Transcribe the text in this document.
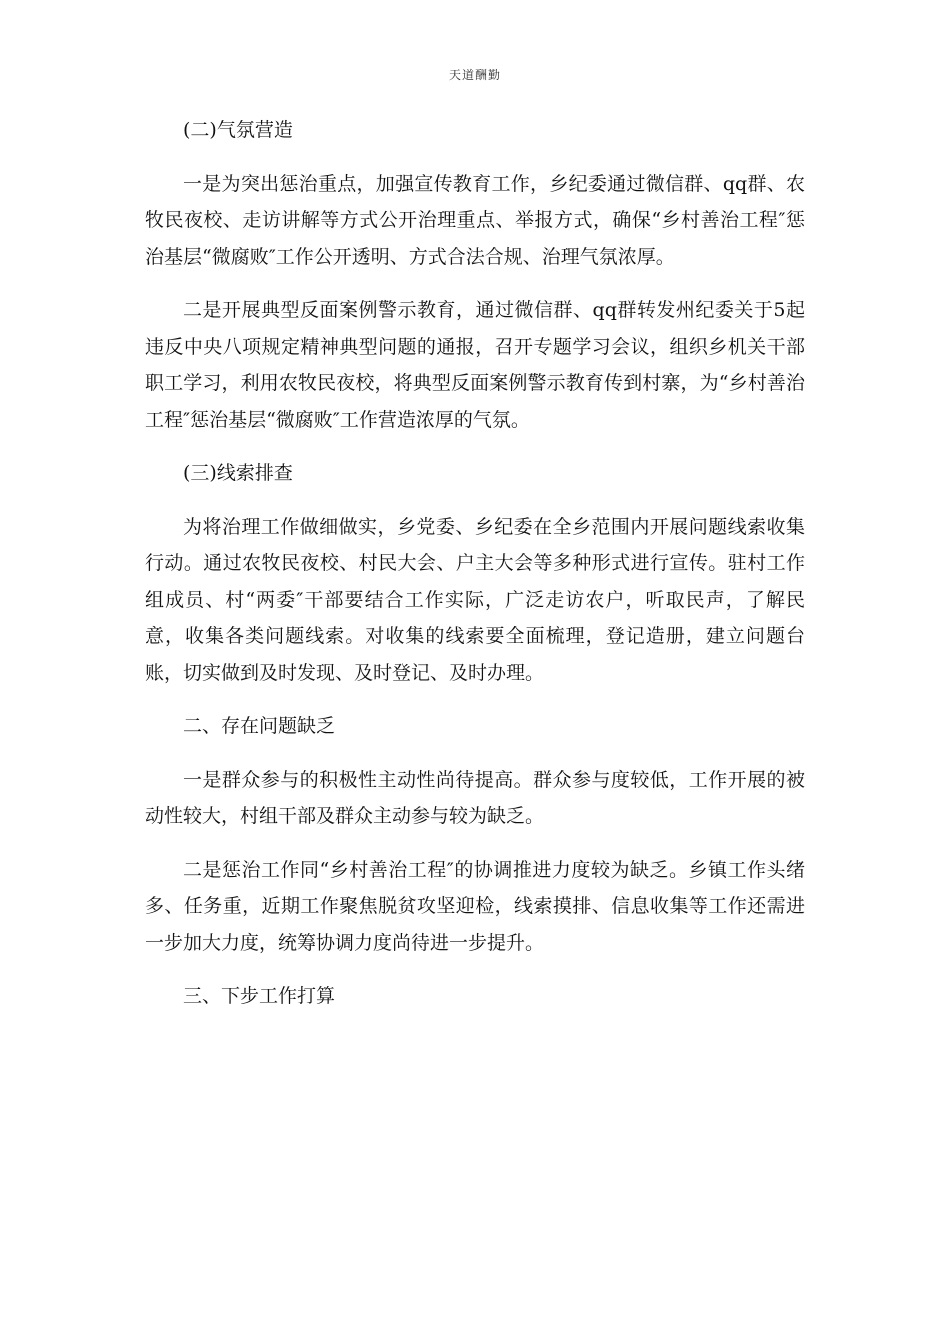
天道酬勤

(二)气氛营造

一是为突出惩治重点，加强宣传教育工作，乡纪委通过微信群、qq群、农牧民夜校、走访讲解等方式公开治理重点、举报方式，确保“乡村善治工程″惩治基层“微腐败″工作公开透明、方式合法合规、治理气氛浓厚。

二是开展典型反面案例警示教育，通过微信群、qq群转发州纪委关于5起违反中央八项规定精神典型问题的通报，召开专题学习会议，组织乡机关干部职工学习，利用农牧民夜校，将典型反面案例警示教育传到村寨，为“乡村善治工程″惩治基层“微腐败″工作营造浓厚的气氛。

(三)线索排查

为将治理工作做细做实，乡党委、乡纪委在全乡范围内开展问题线索收集行动。通过农牧民夜校、村民大会、户主大会等多种形式进行宣传。驻村工作组成员、村“两委″干部要结合工作实际，广泛走访农户，听取民声，了解民意，收集各类问题线索。对收集的线索要全面梳理，登记造册，建立问题台账，切实做到及时发现、及时登记、及时办理。

二、存在问题缺乏

一是群众参与的积极性主动性尚待提高。群众参与度较低，工作开展的被动性较大，村组干部及群众主动参与较为缺乏。

二是惩治工作同“乡村善治工程″的协调推进力度较为缺乏。乡镇工作头绪多、任务重，近期工作聚焦脱贫攻坚迎检，线索摸排、信息收集等工作还需进一步加大力度，统筹协调力度尚待进一步提升。

三、下步工作打算
